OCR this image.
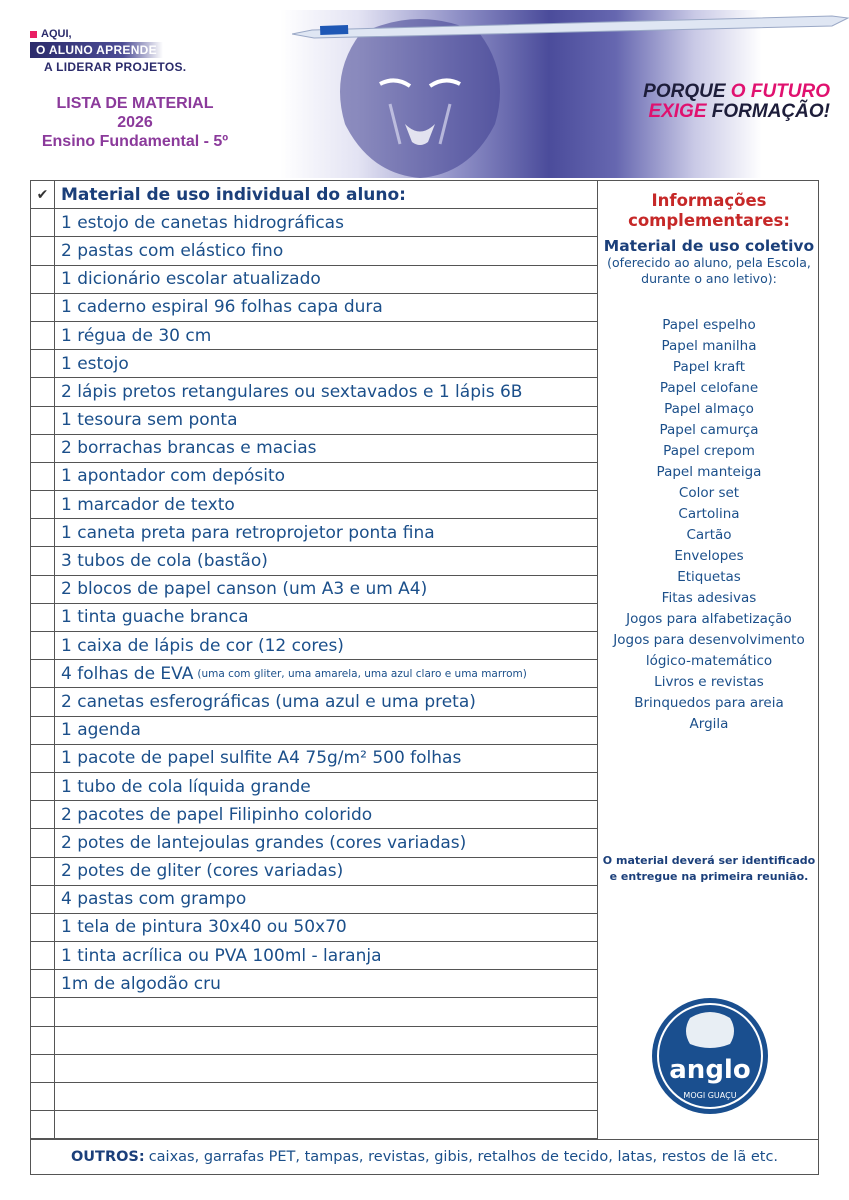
AQUI,
O ALUNO APRENDE
A LIDERAR PROJETOS.
LISTA DE MATERIAL
2026
Ensino Fundamental - 5º
PORQUE O FUTURO
EXIGE FORMAÇÃO!
✔ Material de uso individual do aluno:
1 estojo de canetas hidrográficas
2 pastas com elástico fino
1 dicionário escolar atualizado
1 caderno espiral 96 folhas capa dura
1 régua de 30 cm
1 estojo
2 lápis pretos retangulares ou sextavados e 1 lápis 6B
1 tesoura sem ponta
2 borrachas brancas e macias
1 apontador com depósito
1 marcador de texto
1 caneta preta para retroprojetor ponta fina
3 tubos de cola (bastão)
2 blocos de papel canson (um A3 e um A4)
1 tinta guache branca
1 caixa de lápis de cor (12 cores)
4 folhas de EVA (uma com gliter, uma amarela, uma azul claro e uma marrom)
2 canetas esferográficas (uma azul e uma preta)
1 agenda
1 pacote de papel sulfite A4 75g/m² 500 folhas
1 tubo de cola líquida grande
2 pacotes de papel Filipinho colorido
2 potes de lantejoulas grandes (cores variadas)
2 potes de gliter (cores variadas)
4 pastas com grampo
1 tela de pintura 30x40 ou 50x70
1 tinta acrílica ou PVA 100ml - laranja
1m de algodão cru
Informações complementares:
Material de uso coletivo
(oferecido ao aluno, pela Escola, durante o ano letivo):
Papel espelho
Papel manilha
Papel kraft
Papel celofane
Papel almaço
Papel camurça
Papel crepom
Papel manteiga
Color set
Cartolina
Cartão
Envelopes
Etiquetas
Fitas adesivas
Jogos para alfabetização
Jogos para desenvolvimento
lógico-matemático
Livros e revistas
Brinquedos para areia
Argila
O material deverá ser identificado e entregue na primeira reunião.
anglo
MOGI GUAÇU
OUTROS: caixas, garrafas PET, tampas, revistas, gibis, retalhos de tecido, latas, restos de lã etc.
